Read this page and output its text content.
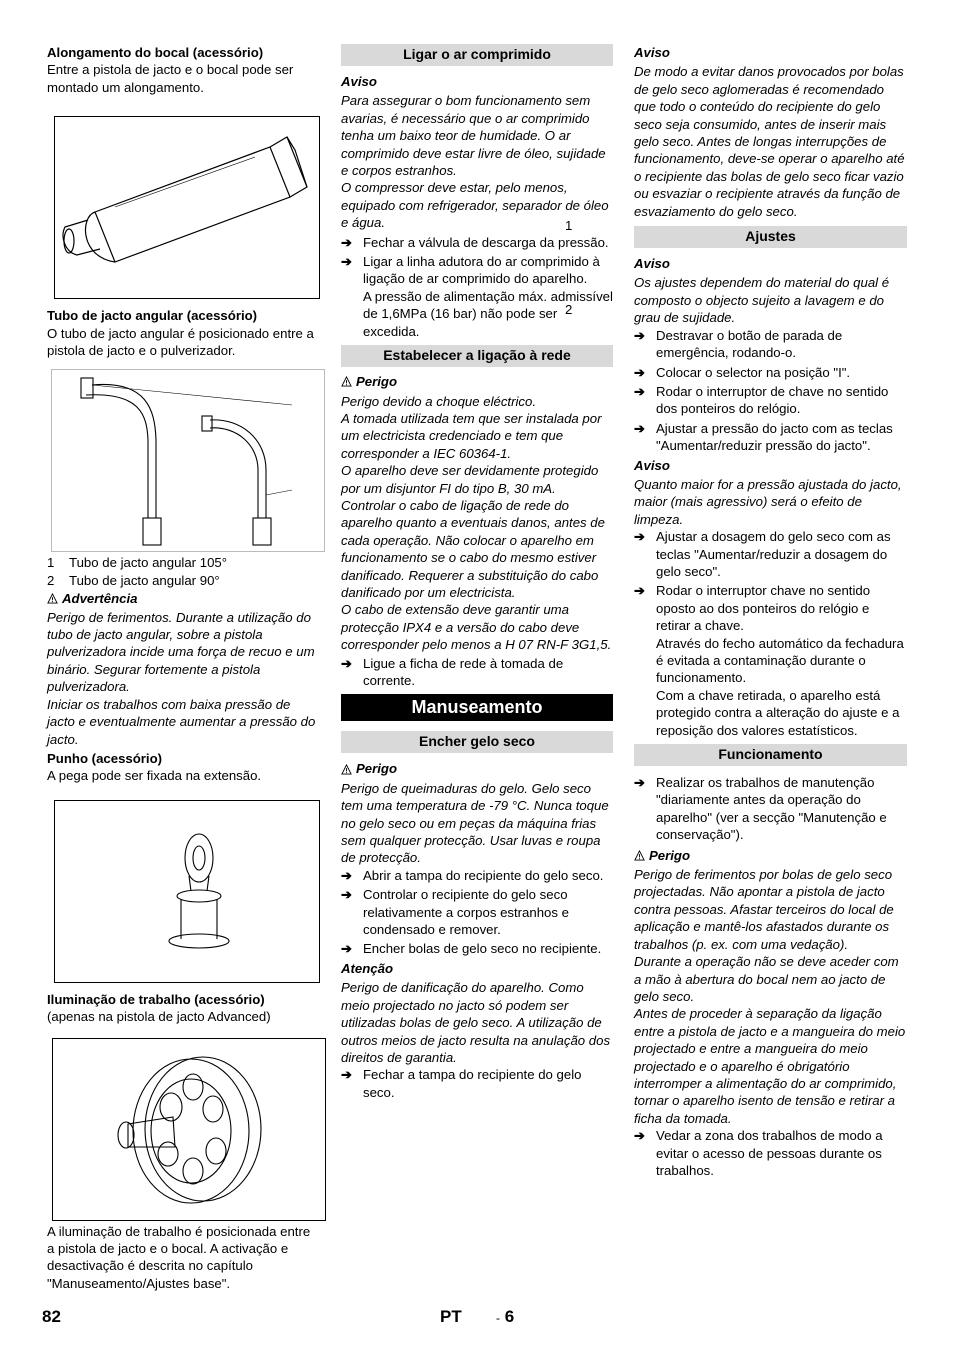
Alongamento do bocal (acessório)

Entre a pistola de jacto e o bocal pode ser montado um alongamento.

Tubo de jacto angular (acessório)

O tubo de jacto angular é posicionado entre a pistola de jacto e o pulverizador.

1
2

1 Tubo de jacto angular 105°

2 Tubo de jacto angular 90°

Advertência

Perigo de ferimentos. Durante a utilização do tubo de jacto angular, sobre a pistola pulverizadora incide uma força de recuo e um binário. Segurar fortemente a pistola pulverizadora.

Iniciar os trabalhos com baixa pressão de jacto e eventualmente aumentar a pressão do jacto.

Punho (acessório)

A pega pode ser fixada na extensão.

Iluminação de trabalho (acessório)

(apenas na pistola de jacto Advanced)

A iluminação de trabalho é posicionada entre a pistola de jacto e o bocal. A activação e desactivação é descrita no capítulo "Manuseamento/Ajustes base".

Ligar o ar comprimido

Aviso

Para assegurar o bom funcionamento sem avarias, é necessário que o ar comprimido tenha um baixo teor de humidade. O ar comprimido deve estar livre de óleo, sujidade e corpos estranhos.

O compressor deve estar, pelo menos, equipado com refrigerador, separador de óleo e água.

➔ Fechar a válvula de descarga da pressão.

➔ Ligar a linha adutora do ar comprimido à ligação de ar comprimido do aparelho.

A pressão de alimentação máx. admissível de 1,6MPa (16 bar) não pode ser excedida.

Estabelecer a ligação à rede

Perigo

Perigo devido a choque eléctrico.
A tomada utilizada tem que ser instalada por um electricista credenciado e tem que corresponder a IEC 60364-1.
O aparelho deve ser devidamente protegido por um disjuntor FI do tipo B, 30 mA.
Controlar o cabo de ligação de rede do aparelho quanto a eventuais danos, antes de cada operação. Não colocar o aparelho em funcionamento se o cabo do mesmo estiver danificado. Requerer a substituição do cabo danificado por um electricista.
O cabo de extensão deve garantir uma protecção IPX4 e a versão do cabo deve corresponder pelo menos a H 07 RN-F 3G1,5.

➔ Ligue a ficha de rede à tomada de corrente.

Manuseamento

Encher gelo seco

Perigo

Perigo de queimaduras do gelo. Gelo seco tem uma temperatura de -79 °C. Nunca toque no gelo seco ou em peças da máquina frias sem qualquer protecção. Usar luvas e roupa de protecção.

➔ Abrir a tampa do recipiente do gelo seco.

➔ Controlar o recipiente do gelo seco relativamente a corpos estranhos e condensado e remover.

➔ Encher bolas de gelo seco no recipiente.

Atenção

Perigo de danificação do aparelho. Como meio projectado no jacto só podem ser utilizadas bolas de gelo seco. A utilização de outros meios de jacto resulta na anulação dos direitos de garantia.

➔ Fechar a tampa do recipiente do gelo seco.

Aviso

De modo a evitar danos provocados por bolas de gelo seco aglomeradas é recomendado que todo o conteúdo do recipiente do gelo seco seja consumido, antes de inserir mais gelo seco. Antes de longas interrupções de funcionamento, deve-se operar o aparelho até o recipiente das bolas de gelo seco ficar vazio ou esvaziar o recipiente através da função de esvaziamento do gelo seco.

Ajustes

Aviso

Os ajustes dependem do material do qual é composto o objecto sujeito a lavagem e do grau de sujidade.

➔ Destravar o botão de parada de emergência, rodando-o.

➔ Colocar o selector na posição "I".

➔ Rodar o interruptor de chave no sentido dos ponteiros do relógio.

➔ Ajustar a pressão do jacto com as teclas "Aumentar/reduzir pressão do jacto".

Aviso

Quanto maior for a pressão ajustada do jacto, maior (mais agressivo) será o efeito de limpeza.

➔ Ajustar a dosagem do gelo seco com as teclas "Aumentar/reduzir a dosagem do gelo seco".

➔ Rodar o interruptor chave no sentido oposto ao dos ponteiros do relógio e retirar a chave.

Através do fecho automático da fechadura é evitada a contaminação durante o funcionamento.

Com a chave retirada, o aparelho está protegido contra a alteração do ajuste e a reposição dos valores estatísticos.

Funcionamento

➔ Realizar os trabalhos de manutenção "diariamente antes da operação do aparelho" (ver a secção "Manutenção e conservação").

Perigo

Perigo de ferimentos por bolas de gelo seco projectadas. Não apontar a pistola de jacto contra pessoas. Afastar terceiros do local de aplicação e mantê-los afastados durante os trabalhos (p. ex. com uma vedação).

Durante a operação não se deve aceder com a mão à abertura do bocal nem ao jacto de gelo seco.

Antes de proceder à separação da ligação entre a pistola de jacto e a mangueira do meio projectado e entre a mangueira do meio projectado e o aparelho é obrigatório interromper a alimentação do ar comprimido, tornar o aparelho isento de tensão e retirar a ficha da tomada.

➔ Vedar a zona dos trabalhos de modo a evitar o acesso de pessoas durante os trabalhos.

82	PT	- 6
